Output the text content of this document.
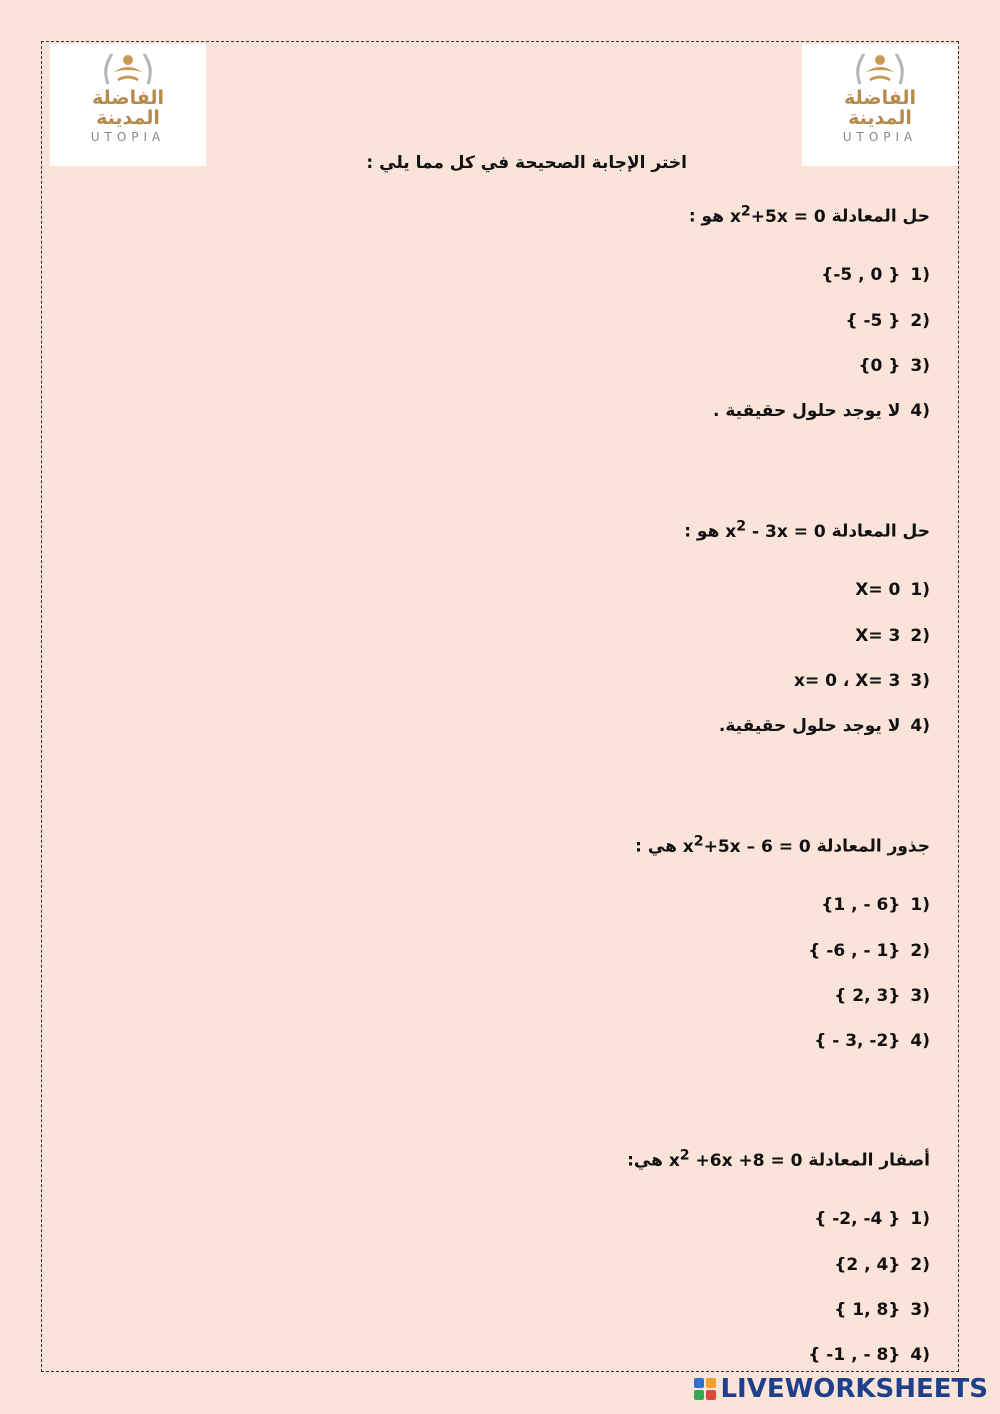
الفاضلة
المدينة
UTOPIA
الفاضلة
المدينة
UTOPIA
اختر الإجابة الصحيحة في كل مما يلي :
حل المعادلة $x^2+5x = 0$ هو :
{-5 , 0 } 1)
{ -5 } 2)
{0 } 3)
لا يوجد حلول حقيقية . 4)
حل المعادلة $x^2 - 3x = 0$ هو :
X= 0 1)
X= 3 2)
x= 0 ، X= 3 3)
لا يوجد حلول حقيقية. 4)
جذور المعادلة $x^2+5x - 6 = 0$ هي :
{1 , - 6} 1)
{ -6 , - 1} 2)
{ 2, 3} 3)
{ - 3, -2} 4)
أصفار المعادلة $x^2 +6x +8 = 0$ هي:
{ -2, -4 } 1)
{2 , 4} 2)
{ 1, 8} 3)
{ -1 , - 8} 4)
LIVEWORKSHEETS
